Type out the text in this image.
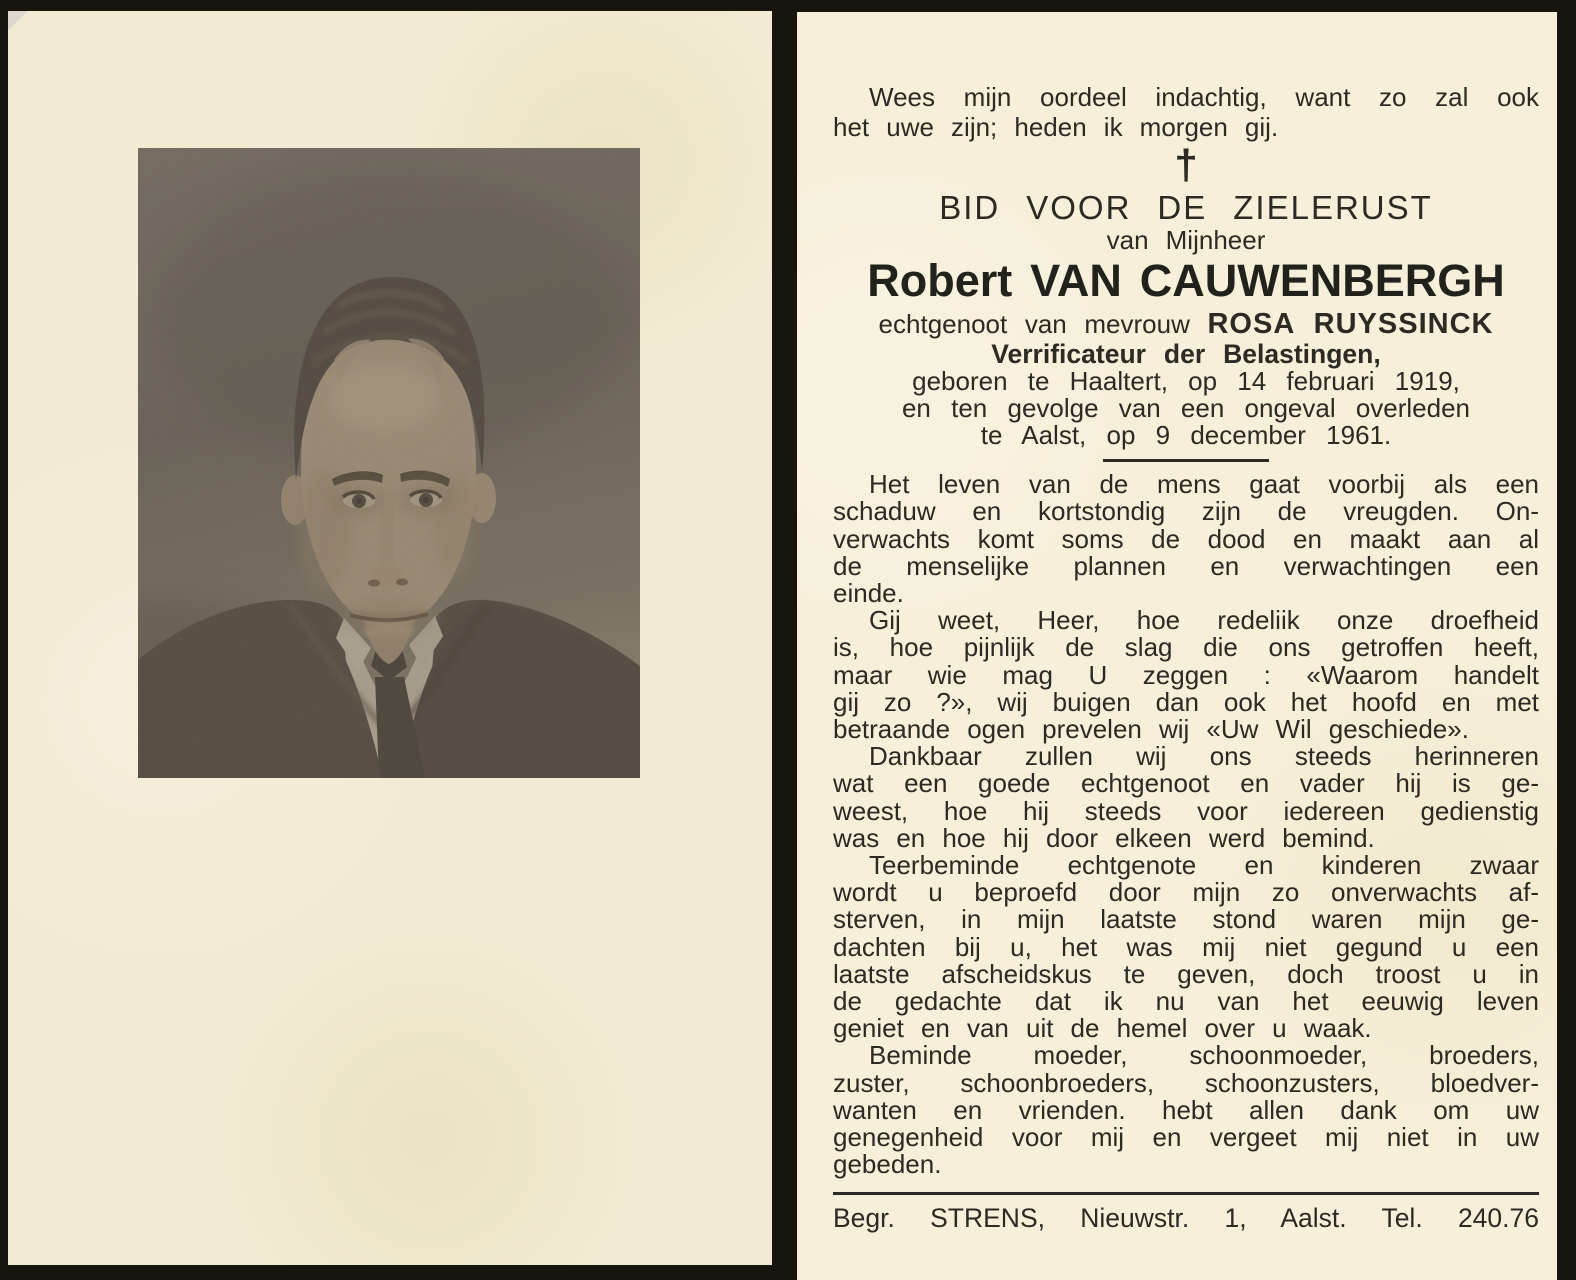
Wees mijn oordeel indachtig, want zo zal ook
het uwe zijn; heden ik morgen gij.
†
BID VOOR DE ZIELERUST
van Mijnheer
Robert VAN CAUWENBERGH
echtgenoot van mevrouw ROSA RUYSSINCK
Verrificateur der Belastingen,
geboren te Haaltert, op 14 februari 1919,
en ten gevolge van een ongeval overleden
te Aalst, op 9 december 1961.
Het leven van de mens gaat voorbij als een
schaduw en kortstondig zijn de vreugden. On-
verwachts komt soms de dood en maakt aan al
de menselijke plannen en verwachtingen een
einde.
Gij weet, Heer, hoe redeliik onze droefheid
is, hoe pijnlijk de slag die ons getroffen heeft,
maar wie mag U zeggen : «Waarom handelt
gij zo ?», wij buigen dan ook het hoofd en met
betraande ogen prevelen wij «Uw Wil geschiede».
Dankbaar zullen wij ons steeds herinneren
wat een goede echtgenoot en vader hij is ge-
weest, hoe hij steeds voor iedereen gedienstig
was en hoe hij door elkeen werd bemind.
Teerbeminde echtgenote en kinderen zwaar
wordt u beproefd door mijn zo onverwachts af-
sterven, in mijn laatste stond waren mijn ge-
dachten bij u, het was mij niet gegund u een
laatste afscheidskus te geven, doch troost u in
de gedachte dat ik nu van het eeuwig leven
geniet en van uit de hemel over u waak.
Beminde moeder, schoonmoeder, broeders,
zuster, schoonbroeders, schoonzusters, bloedver-
wanten en vrienden. hebt allen dank om uw
genegenheid voor mij en vergeet mij niet in uw
gebeden.
Begr. STRENS, Nieuwstr. 1, Aalst. Tel. 240.76
